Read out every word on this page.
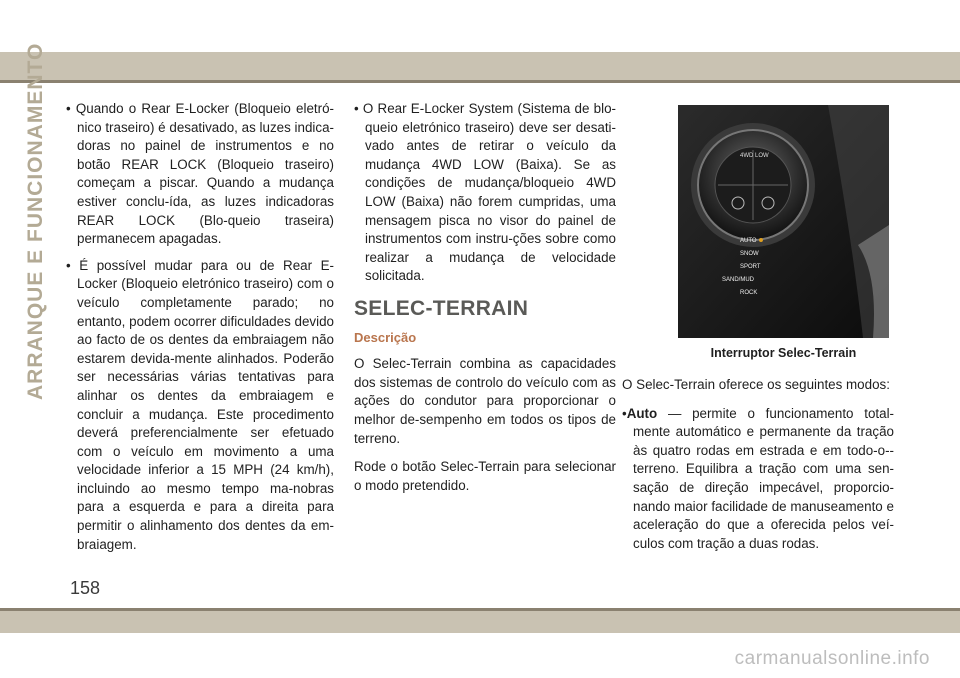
ARRANQUE E FUNCIONAMENTO • Quando o Rear E-Locker (Bloqueio eletró-nico traseiro) é desativado, as luzes indica-doras no painel de instrumentos e no botão REAR LOCK (Bloqueio traseiro) começam a piscar. Quando a mudança estiver conclu-ída, as luzes indicadoras REAR LOCK (Blo-queio traseira) permanecem apagadas.

• É possível mudar para ou de Rear E-Locker (Bloqueio eletrónico traseiro) com o veículo completamente parado; no entanto, podem ocorrer dificuldades devido ao facto de os dentes da embraiagem não estarem devida-mente alinhados. Poderão ser necessárias várias tentativas para alinhar os dentes da embraiagem e concluir a mudança. Este procedimento deverá preferencialmente ser efetuado com o veículo em movimento a uma velocidade inferior a 15 MPH (24 km/h), incluindo ao mesmo tempo ma-nobras para a esquerda e para a direita para permitir o alinhamento dos dentes da em-braiagem.

• O Rear E-Locker System (Sistema de blo-queio eletrónico traseiro) deve ser desati-vado antes de retirar o veículo da mudança 4WD LOW (Baixa). Se as condições de mudança/bloqueio 4WD LOW (Baixa) não forem cumpridas, uma mensagem pisca no visor do painel de instrumentos com instru-ções sobre como realizar a mudança de velocidade solicitada.

SELEC-TERRAIN

Descrição

O Selec-Terrain combina as capacidades dos sistemas de controlo do veículo com as ações do condutor para proporcionar o melhor de-sempenho em todos os tipos de terreno.

Rode o botão Selec-Terrain para selecionar o modo pretendido.

4WD LOW
AUTO
SNOW
SPORT
SAND/MUD
ROCK
Interruptor Selec-Terrain

O Selec-Terrain oferece os seguintes modos:

•Auto — permite o funcionamento total-mente automático e permanente da tração às quatro rodas em estrada e em todo-o--terreno. Equilibra a tração com uma sen-sação de direção impecável, proporcio-nando maior facilidade de manuseamento e aceleração do que a oferecida pelos veí-culos com tração a duas rodas.

158
carmanualsonline.info
